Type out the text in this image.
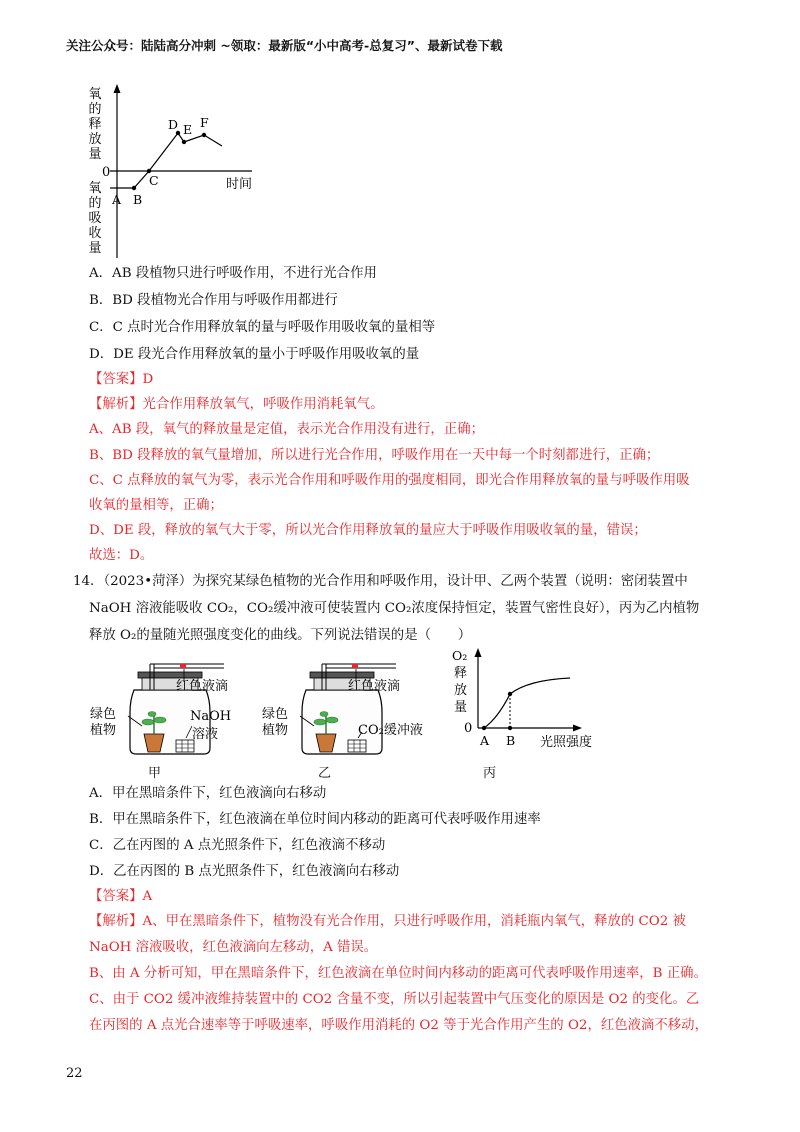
关注公众号：陆陆高分冲刺 ~领取：最新版“小中高考-总复习”、最新试卷下载
氧
的
释
放
量
0
氧
的
吸
收
量
A B
C
D E F
时间
A．AB 段植物只进行呼吸作用，不进行光合作用
B．BD 段植物光合作用与呼吸作用都进行
C．C 点时光合作用释放氧的量与呼吸作用吸收氧的量相等
D．DE 段光合作用释放氧的量小于呼吸作用吸收氧的量
【答案】D
【解析】光合作用释放氧气，呼吸作用消耗氧气。
A、AB 段，氧气的释放量是定值，表示光合作用没有进行，正确；
B、BD 段释放的氧气量增加，所以进行光合作用，呼吸作用在一天中每一个时刻都进行，正确；
C、C 点释放的氧气为零，表示光合作用和呼吸作用的强度相同，即光合作用释放氧的量与呼吸作用吸
收氧的量相等，正确；
D、DE 段，释放的氧气大于零，所以光合作用释放氧的量应大于呼吸作用吸收氧的量，错误；
故选：D。
14．（2023•菏泽）为探究某绿色植物的光合作用和呼吸作用，设计甲、乙两个装置（说明：密闭装置中
NaOH 溶液能吸收 CO₂，CO₂缓冲液可使装置内 CO₂浓度保持恒定，装置气密性良好），丙为乙内植物
释放 O₂的量随光照强度变化的曲线。下列说法错误的是（　　）
红色液滴
绿色
植物
NaOH
溶液
甲
红色液滴
绿色
植物	CO₂缓冲液
乙
O₂
释
放
量
0
A B 光照强度
丙
A．甲在黑暗条件下，红色液滴向右移动
B．甲在黑暗条件下，红色液滴在单位时间内移动的距离可代表呼吸作用速率
C．乙在丙图的 A 点光照条件下，红色液滴不移动
D．乙在丙图的 B 点光照条件下，红色液滴向右移动
【答案】A
【解析】A、甲在黑暗条件下，植物没有光合作用，只进行呼吸作用，消耗瓶内氧气，释放的 CO2 被
NaOH 溶液吸收，红色液滴向左移动，A 错误。
B、由 A 分析可知，甲在黑暗条件下，红色液滴在单位时间内移动的距离可代表呼吸作用速率，B 正确。
C、由于 CO2 缓冲液维持装置中的 CO2 含量不变，所以引起装置中气压变化的原因是 O2 的变化。乙
在丙图的 A 点光合速率等于呼吸速率，呼吸作用消耗的 O2 等于光合作用产生的 O2，红色液滴不移动，
22
